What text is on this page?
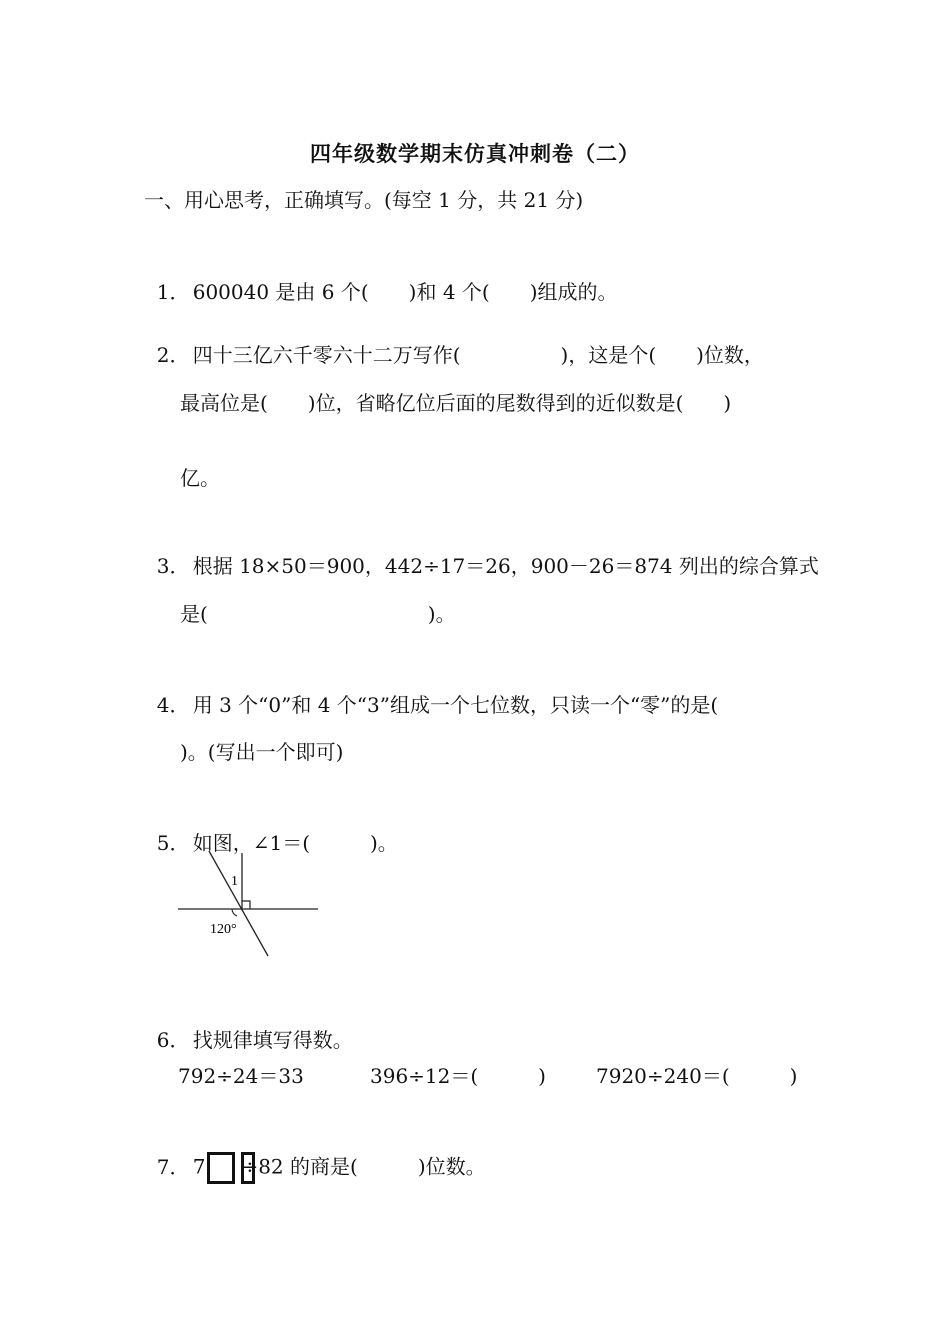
四年级数学期末仿真冲刺卷（二）
一、用心思考，正确填写。(每空 1 分，共 21 分)

1． 600040 是由 6 个(　　)和 4 个(　　)组成的。

2． 四十三亿六千零六十二万写作(　　　　　)，这是个(　　)位数，

最高位是(　　)位，省略亿位后面的尾数得到的近似数是(　　)
亿。

3． 根据 18×50＝900，442÷17＝26，900－26＝874 列出的综合算式

是(　　　　　　　　　　　)。

4． 用 3 个“0”和 4 个“3”组成一个七位数，只读一个“零”的是(

)。(写出一个即可)

5． 如图，∠1＝(　　　)。

1
120°

6． 找规律填写得数。

792÷24＝33	396÷12＝(　　　)	7920÷240＝(　　　)

7． 7 ÷82 的商是(　　　)位数。
